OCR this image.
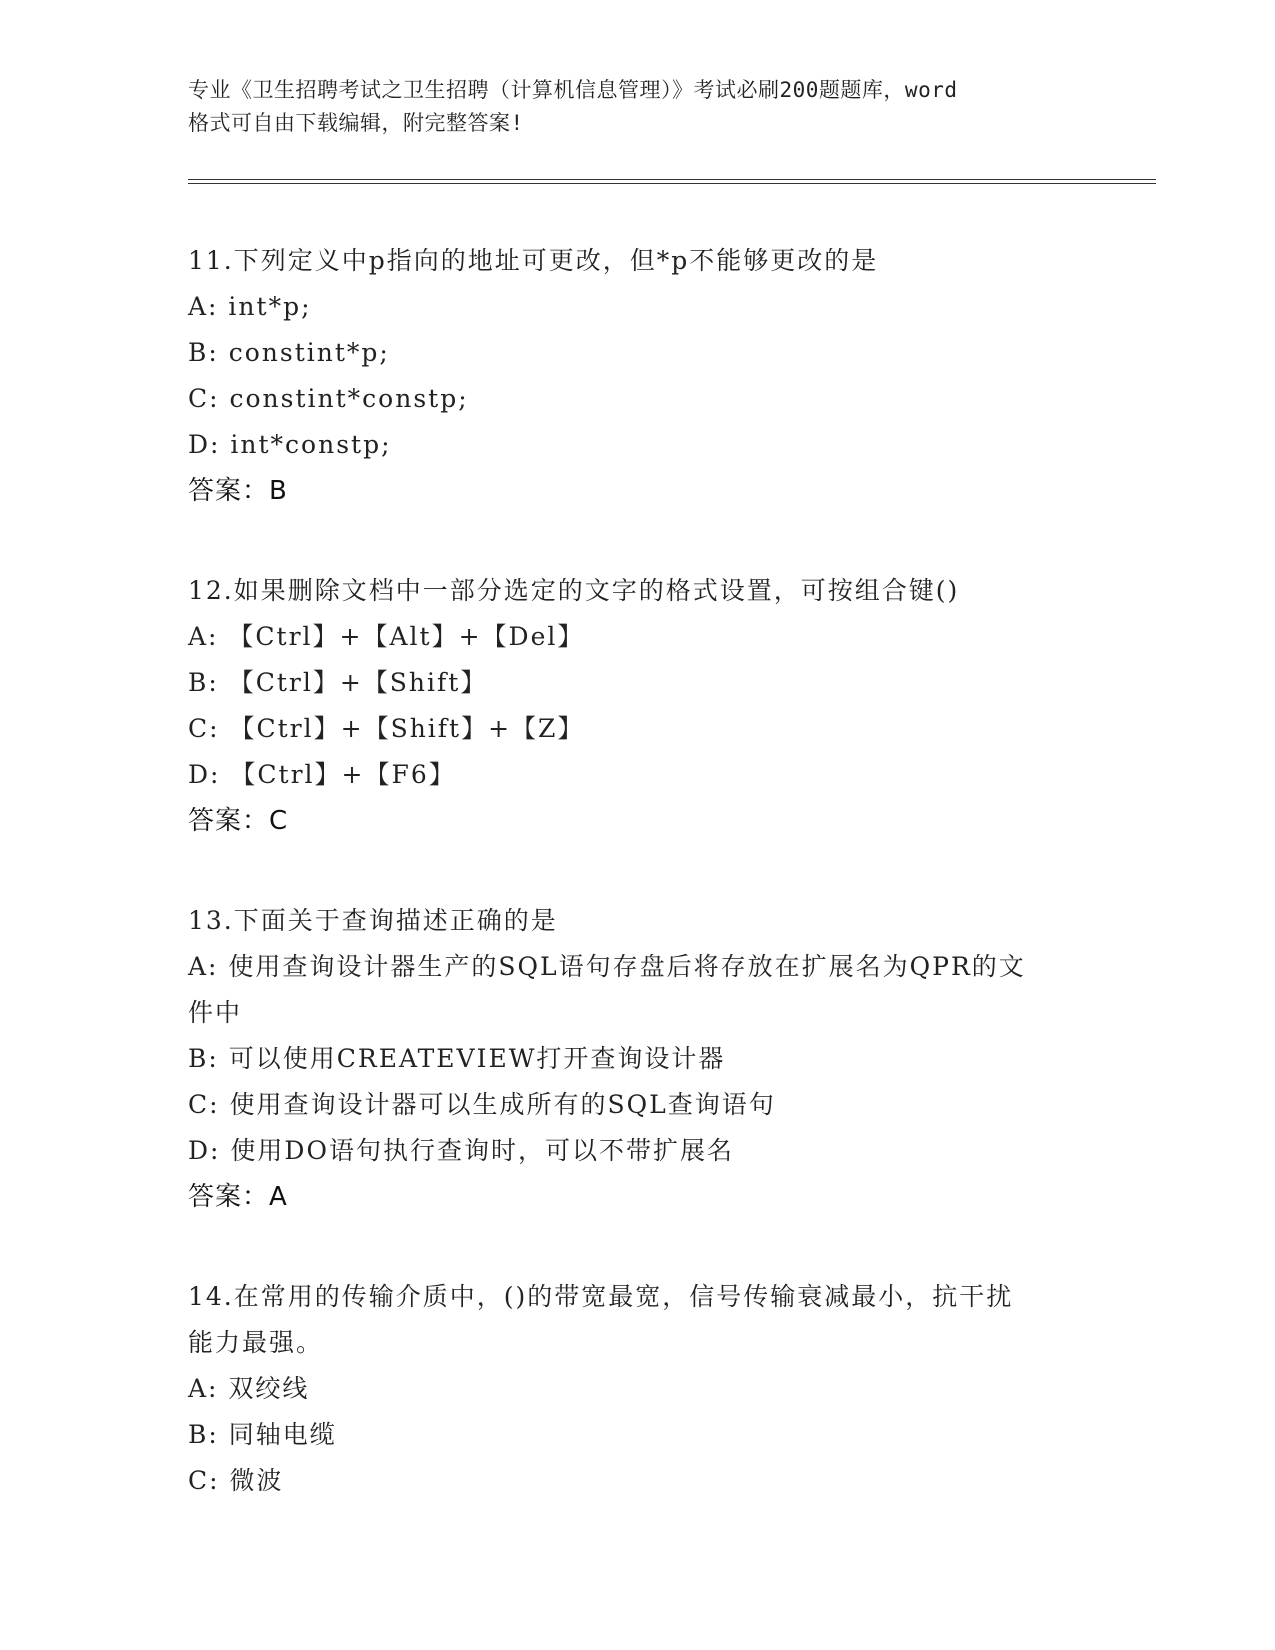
专业《卫生招聘考试之卫生招聘（计算机信息管理）》考试必刷200题题库，word
格式可自由下载编辑，附完整答案!
11.下列定义中p指向的地址可更改，但*p不能够更改的是
A: int*p;
B: constint*p;
C: constint*constp;
D: int*constp;
答案：B
12.如果删除文档中一部分选定的文字的格式设置，可按组合键()
A: 【Ctrl】+【Alt】+【Del】
B: 【Ctrl】+【Shift】
C: 【Ctrl】+【Shift】+【Z】
D: 【Ctrl】+【F6】
答案：C
13.下面关于查询描述正确的是
A: 使用查询设计器生产的SQL语句存盘后将存放在扩展名为QPR的文
件中
B: 可以使用CREATEVIEW打开查询设计器
C: 使用查询设计器可以生成所有的SQL查询语句
D: 使用DO语句执行查询时，可以不带扩展名
答案：A
14.在常用的传输介质中，()的带宽最宽，信号传输衰减最小，抗干扰
能力最强。
A: 双绞线
B: 同轴电缆
C: 微波
